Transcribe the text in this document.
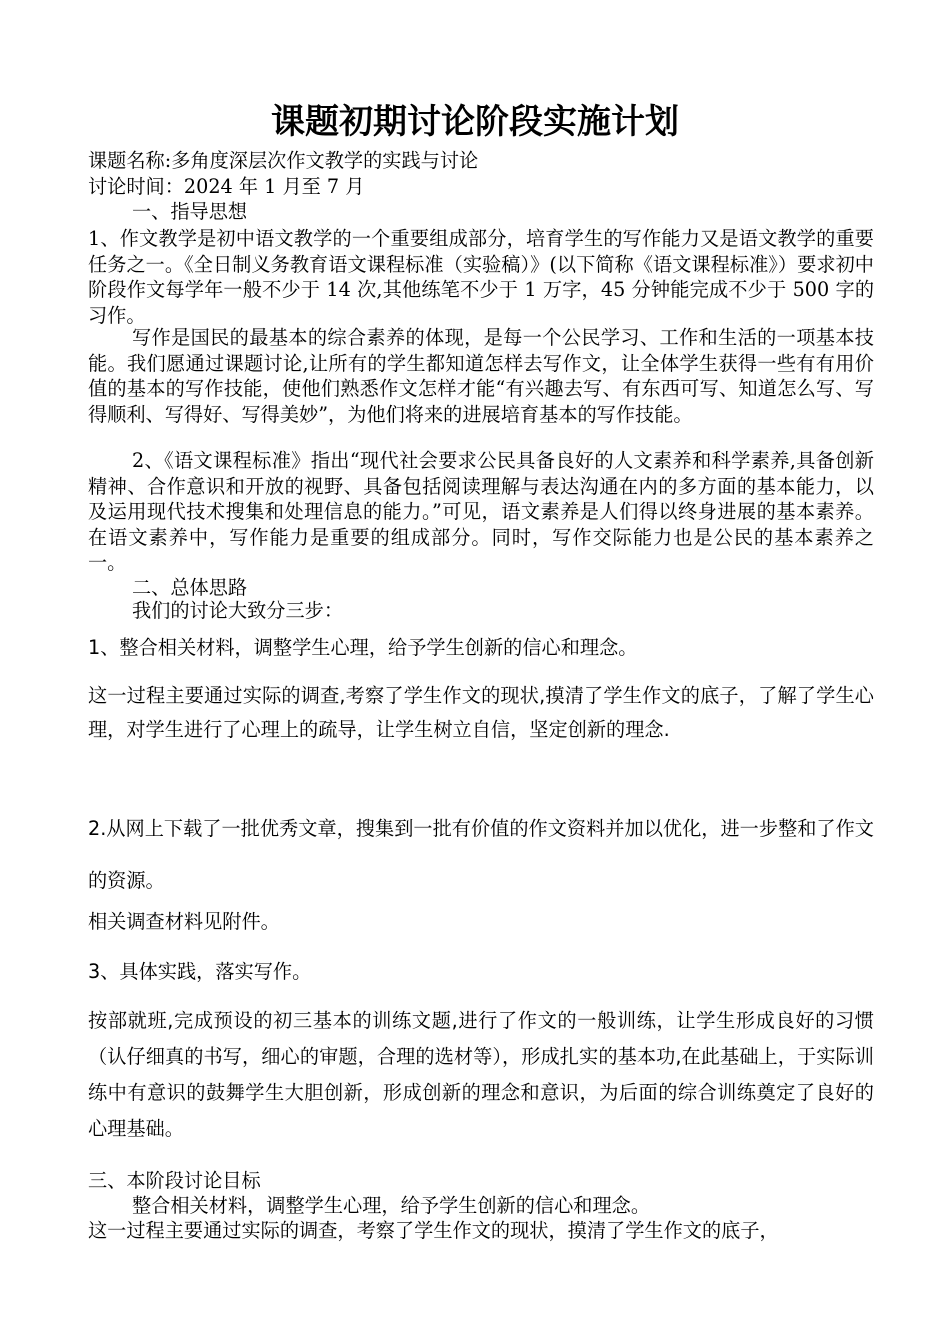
课题初期讨论阶段实施计划
课题名称:多角度深层次作文教学的实践与讨论
讨论时间：2024 年 1 月至 7 月
一、指导思想

1、作文教学是初中语文教学的一个重要组成部分，培育学生的写作能力又是语文教学的重要任务之一。《全日制义务教育语文课程标准（实验稿）》(以下简称《语文课程标准》）要求初中阶段作文每学年一般不少于 14 次,其他练笔不少于 1 万字，45 分钟能完成不少于 500 字的习作。

写作是国民的最基本的综合素养的体现，是每一个公民学习、工作和生活的一项基本技能。我们愿通过课题讨论,让所有的学生都知道怎样去写作文，让全体学生获得一些有有用价值的基本的写作技能，使他们熟悉作文怎样才能“有兴趣去写、有东西可写、知道怎么写、写得顺利、写得好、写得美妙”，为他们将来的进展培育基本的写作技能。

2、《语文课程标准》指出“现代社会要求公民具备良好的人文素养和科学素养,具备创新精神、合作意识和开放的视野、具备包括阅读理解与表达沟通在内的多方面的基本能力，以及运用现代技术搜集和处理信息的能力。”可见，语文素养是人们得以终身进展的基本素养。在语文素养中，写作能力是重要的组成部分。同时，写作交际能力也是公民的基本素养之一。

二、总体思路
我们的讨论大致分三步：

1、整合相关材料，调整学生心理，给予学生创新的信心和理念。

这一过程主要通过实际的调查,考察了学生作文的现状,摸清了学生作文的底子，了解了学生心理，对学生进行了心理上的疏导，让学生树立自信，坚定创新的理念.

2.从网上下载了一批优秀文章，搜集到一批有价值的作文资料并加以优化，进一步整和了作文的资源。

相关调查材料见附件。

3、具体实践，落实写作。

按部就班,完成预设的初三基本的训练文题,进行了作文的一般训练，让学生形成良好的习惯（认仔细真的书写，细心的审题，合理的选材等），形成扎实的基本功,在此基础上，于实际训练中有意识的鼓舞学生大胆创新，形成创新的理念和意识，为后面的综合训练奠定了良好的心理基础。

三、本阶段讨论目标
整合相关材料，调整学生心理，给予学生创新的信心和理念。
这一过程主要通过实际的调查，考察了学生作文的现状，摸清了学生作文的底子，
